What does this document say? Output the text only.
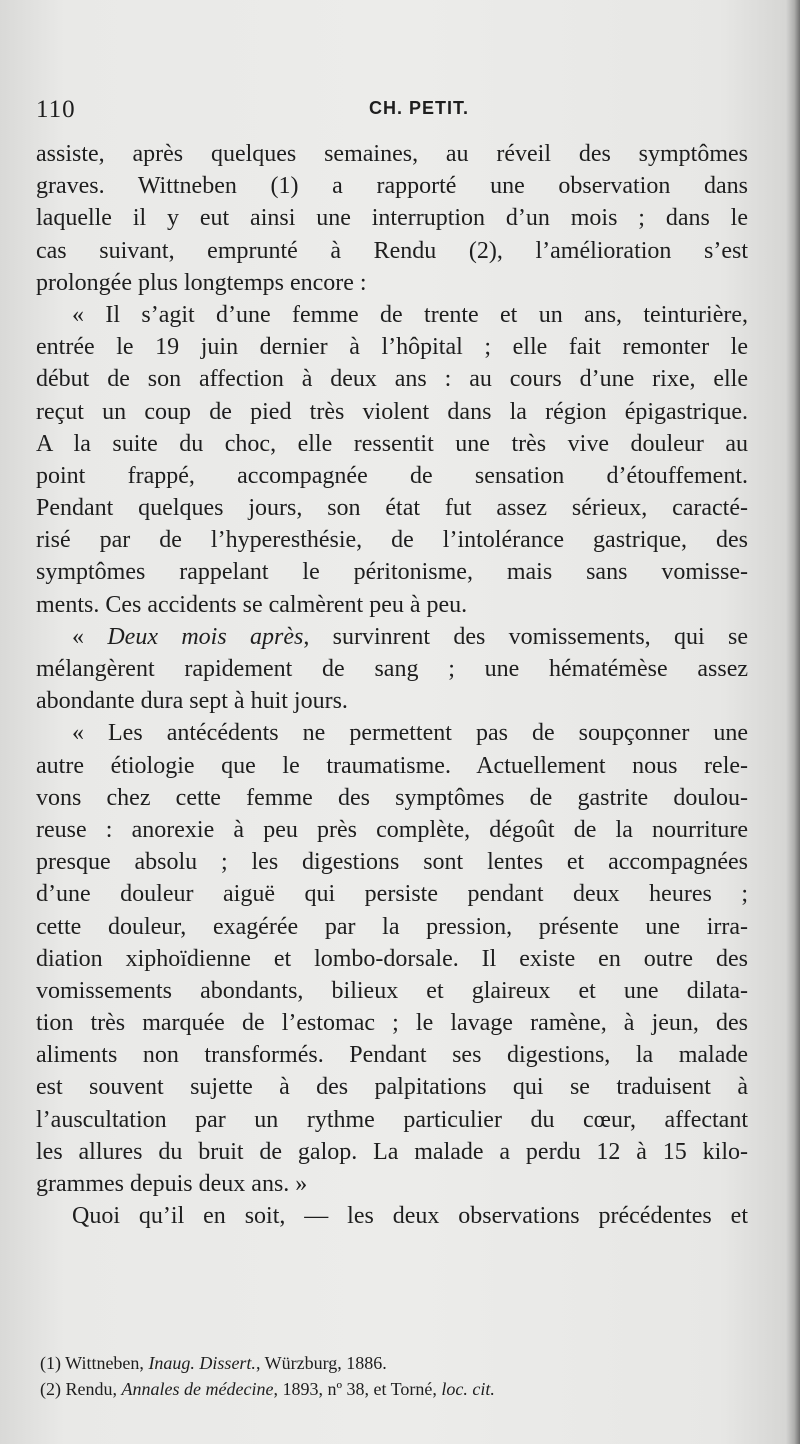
110	CH. PETIT.
assiste, après quelques semaines, au réveil des symptômes
graves. Wittneben (1) a rapporté une observation dans
laquelle il y eut ainsi une interruption d’un mois ; dans le
cas suivant, emprunté à Rendu (2), l’amélioration s’est
prolongée plus longtemps encore :
« Il s’agit d’une femme de trente et un ans, teinturière,
entrée le 19 juin dernier à l’hôpital ; elle fait remonter le
début de son affection à deux ans : au cours d’une rixe, elle
reçut un coup de pied très violent dans la région épigastrique.
A la suite du choc, elle ressentit une très vive douleur au
point frappé, accompagnée de sensation d’étouffement.
Pendant quelques jours, son état fut assez sérieux, caracté-
risé par de l’hyperesthésie, de l’intolérance gastrique, des
symptômes rappelant le péritonisme, mais sans vomisse-
ments. Ces accidents se calmèrent peu à peu.
« Deux mois après, survinrent des vomissements, qui se
mélangèrent rapidement de sang ; une hématémèse assez
abondante dura sept à huit jours.
« Les antécédents ne permettent pas de soupçonner une
autre étiologie que le traumatisme. Actuellement nous rele-
vons chez cette femme des symptômes de gastrite doulou-
reuse : anorexie à peu près complète, dégoût de la nourriture
presque absolu ; les digestions sont lentes et accompagnées
d’une douleur aiguë qui persiste pendant deux heures ;
cette douleur, exagérée par la pression, présente une irra-
diation xiphoïdienne et lombo-dorsale. Il existe en outre des
vomissements abondants, bilieux et glaireux et une dilata-
tion très marquée de l’estomac ; le lavage ramène, à jeun, des
aliments non transformés. Pendant ses digestions, la malade
est souvent sujette à des palpitations qui se traduisent à
l’auscultation par un rythme particulier du cœur, affectant
les allures du bruit de galop. La malade a perdu 12 à 15 kilo-
grammes depuis deux ans. »
Quoi qu’il en soit, — les deux observations précédentes et
(1) Wittneben, Inaug. Dissert., Würzburg, 1886.
(2) Rendu, Annales de médecine, 1893, nº 38, et Torné, loc. cit.
